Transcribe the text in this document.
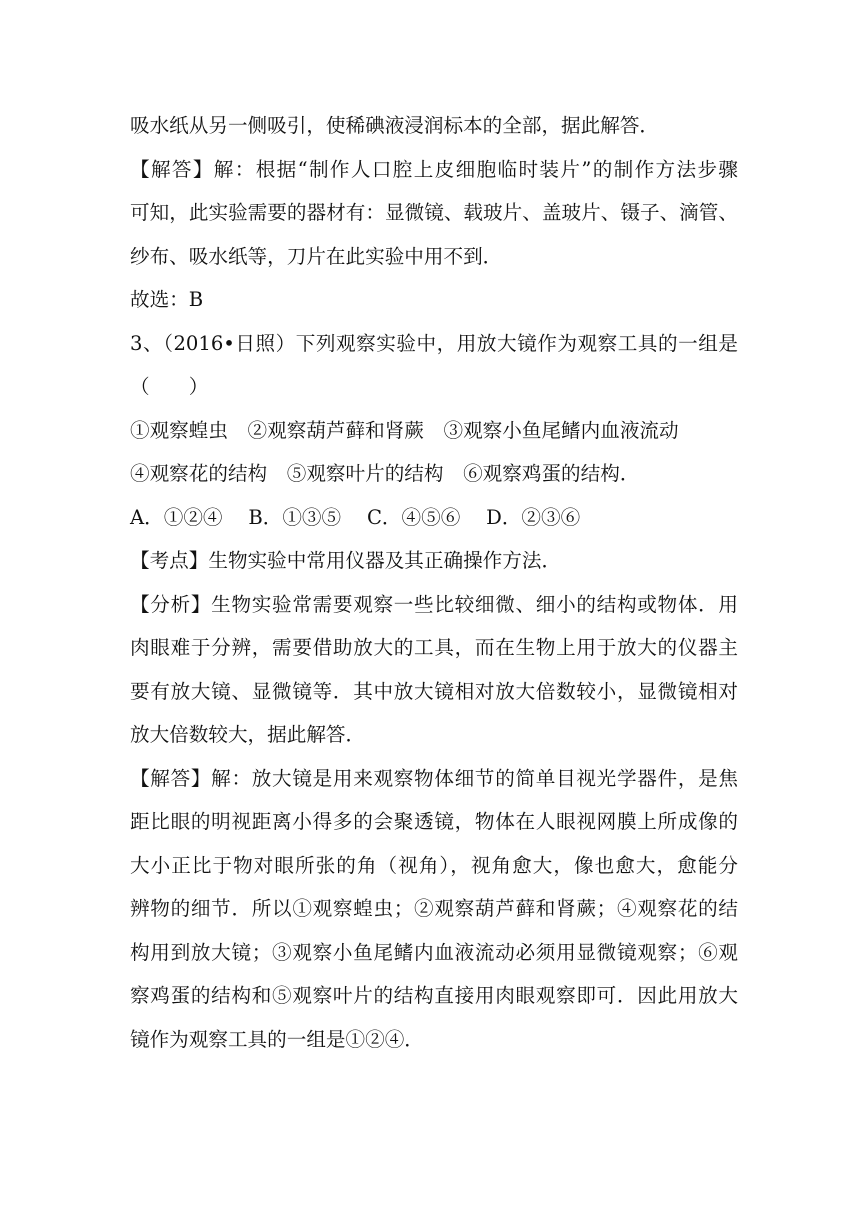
吸水纸从另一侧吸引，使稀碘液浸润标本的全部，据此解答．
【解答】解：根据“制作人口腔上皮细胞临时装片”的制作方法步骤
可知，此实验需要的器材有：显微镜、载玻片、盖玻片、镊子、滴管、
纱布、吸水纸等，刀片在此实验中用不到．
故选：B
3、（2016•日照）下列观察实验中，用放大镜作为观察工具的一组是
（　　）
①观察蝗虫　②观察葫芦藓和肾蕨　③观察小鱼尾鳍内血液流动
④观察花的结构　⑤观察叶片的结构　⑥观察鸡蛋的结构．
A．①②④　 B．①③⑤　 C．④⑤⑥　 D．②③⑥
【考点】生物实验中常用仪器及其正确操作方法．
【分析】生物实验常需要观察一些比较细微、细小的结构或物体．用
肉眼难于分辨，需要借助放大的工具，而在生物上用于放大的仪器主
要有放大镜、显微镜等．其中放大镜相对放大倍数较小，显微镜相对
放大倍数较大，据此解答．
【解答】解：放大镜是用来观察物体细节的简单目视光学器件，是焦
距比眼的明视距离小得多的会聚透镜，物体在人眼视网膜上所成像的
大小正比于物对眼所张的角（视角），视角愈大，像也愈大，愈能分
辨物的细节．所以①观察蝗虫；②观察葫芦藓和肾蕨；④观察花的结
构用到放大镜；③观察小鱼尾鳍内血液流动必须用显微镜观察；⑥观
察鸡蛋的结构和⑤观察叶片的结构直接用肉眼观察即可．因此用放大
镜作为观察工具的一组是①②④．
